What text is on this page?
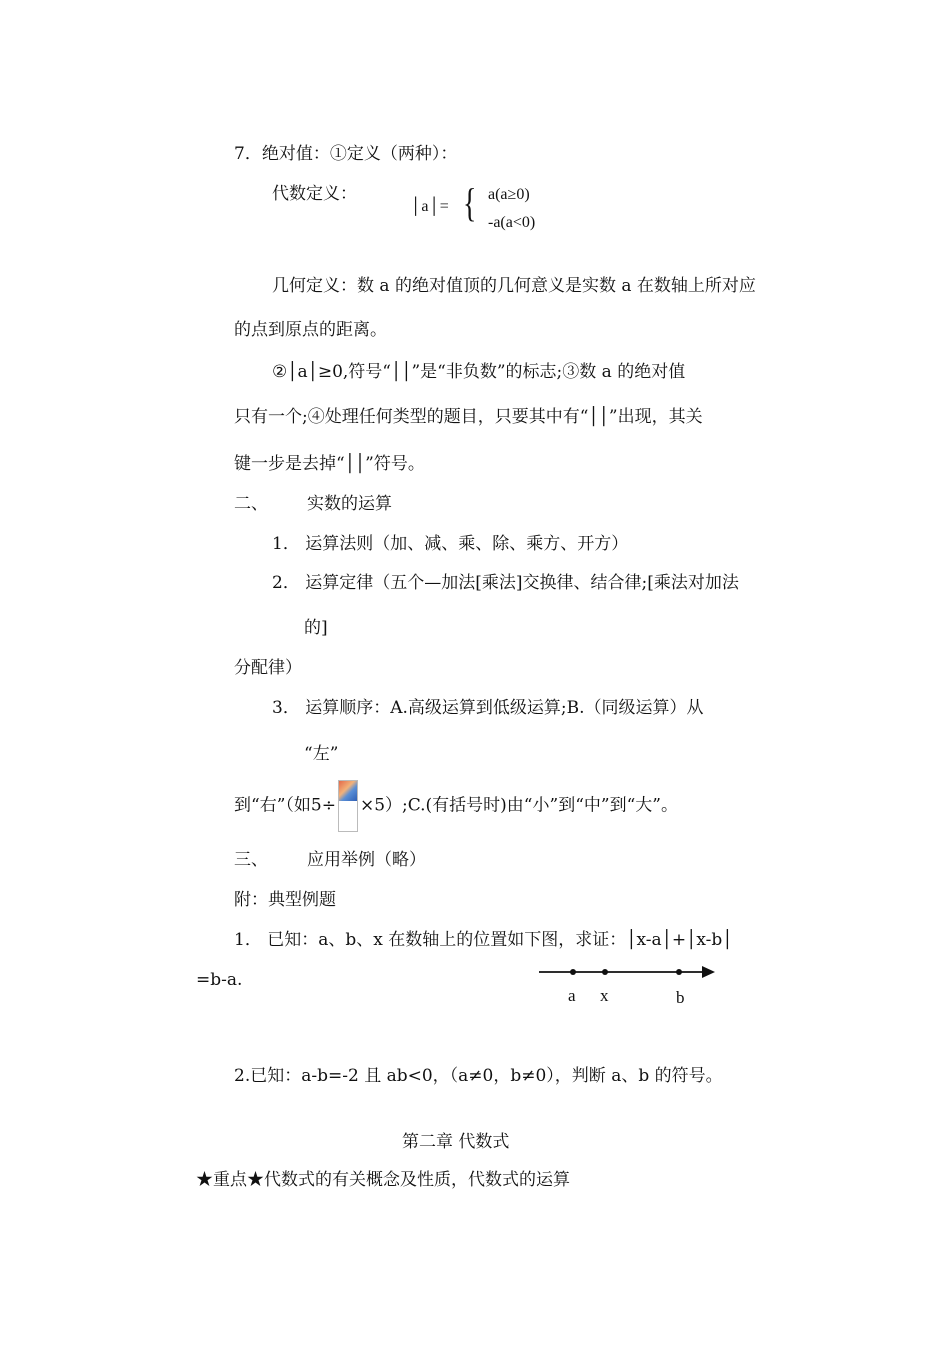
7．绝对值：①定义（两种）：
代数定义：
│a│= { a(a≥0)
-a(a<0)
几何定义：数 a 的绝对值顶的几何意义是实数 a 在数轴上所对应
的点到原点的距离。
②│a│≥0,符号“││”是“非负数”的标志;③数 a 的绝对值
只有一个;④处理任何类型的题目，只要其中有“││”出现，其关
键一步是去掉“││”符号。
二、 实数的运算
1． 运算法则（加、减、乘、除、乘方、开方）
2． 运算定律（五个—加法[乘法]交换律、结合律;[乘法对加法
的]
分配律）
3． 运算顺序：A.高级运算到低级运算;B.（同级运算）从
“左”
到“右”（如5÷ ×5）;C.(有括号时)由“小”到“中”到“大”。
三、 应用举例（略）
附：典型例题
1． 已知：a、b、x 在数轴上的位置如下图，求证：│x-a│+│x-b│
=b-a.
a x	b
2.已知：a-b=-2 且 ab<0，（a≠0，b≠0），判断 a、b 的符号。
第二章 代数式
★重点★代数式的有关概念及性质，代数式的运算
